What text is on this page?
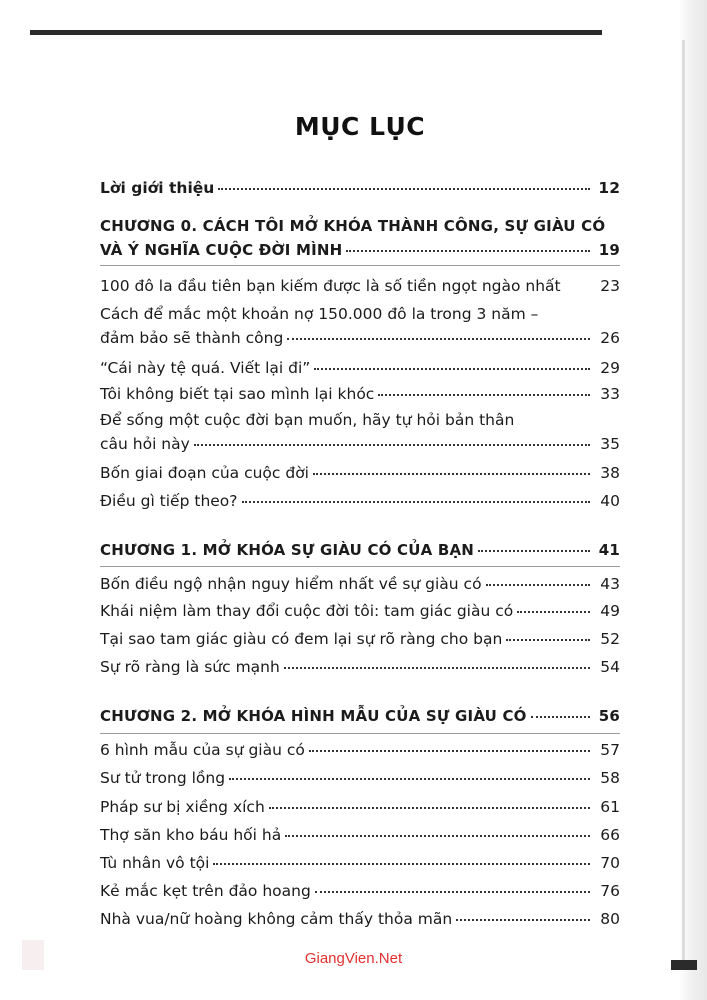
MỤC LỤC
Lời giới thiệu	12
CHƯƠNG 0. CÁCH TÔI MỞ KHÓA THÀNH CÔNG, SỰ GIÀU CÓ
VÀ Ý NGHĨA CUỘC ĐỜI MÌNH	19
100 đô la đầu tiên bạn kiếm được là số tiền ngọt ngào nhất	23
Cách để mắc một khoản nợ 150.000 đô la trong 3 năm –
đảm bảo sẽ thành công	26
“Cái này tệ quá. Viết lại đi”	29
Tôi không biết tại sao mình lại khóc	33
Để sống một cuộc đời bạn muốn, hãy tự hỏi bản thân
câu hỏi này	35
Bốn giai đoạn của cuộc đời	38
Điều gì tiếp theo?	40
CHƯƠNG 1. MỞ KHÓA SỰ GIÀU CÓ CỦA BẠN	41
Bốn điều ngộ nhận nguy hiểm nhất về sự giàu có	43
Khái niệm làm thay đổi cuộc đời tôi: tam giác giàu có	49
Tại sao tam giác giàu có đem lại sự rõ ràng cho bạn	52
Sự rõ ràng là sức mạnh	54
CHƯƠNG 2. MỞ KHÓA HÌNH MẪU CỦA SỰ GIÀU CÓ	56
6 hình mẫu của sự giàu có	57
Sư tử trong lồng	58
Pháp sư bị xiềng xích	61
Thợ săn kho báu hối hả	66
Tù nhân vô tội	70
Kẻ mắc kẹt trên đảo hoang	76
Nhà vua/nữ hoàng không cảm thấy thỏa mãn	80
GiangVien.Net
